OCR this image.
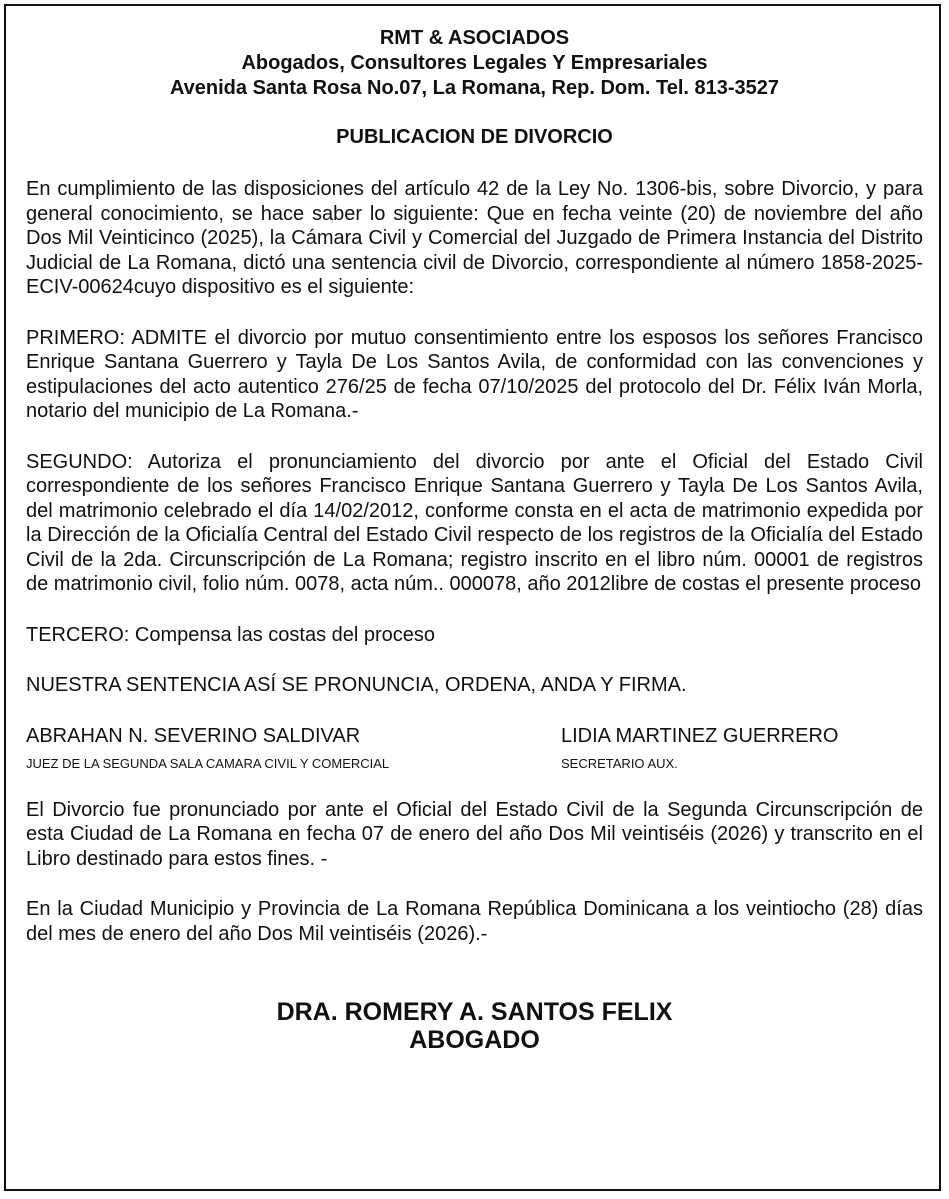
RMT & ASOCIADOS
Abogados, Consultores Legales Y Empresariales
Avenida Santa Rosa No.07, La Romana, Rep. Dom. Tel. 813-3527
PUBLICACION DE DIVORCIO

En cumplimiento de las disposiciones del artículo 42 de la Ley No. 1306-bis, sobre Divorcio, y para general conocimiento, se hace saber lo siguiente: Que en fecha veinte (20) de noviembre del año Dos Mil Veinticinco (2025), la Cámara Civil y Comercial del Juzgado de Primera Instancia del Distrito Judicial de La Romana, dictó una sentencia civil de Divorcio, correspondiente al número 1858-2025-ECIV-00624cuyo dispositivo es el siguiente:

PRIMERO: ADMITE el divorcio por mutuo consentimiento entre los esposos los señores Francisco Enrique Santana Guerrero y Tayla De Los Santos Avila, de conformidad con las convenciones y estipulaciones del acto autentico 276/25 de fecha 07/10/2025 del protocolo del Dr. Félix Iván Morla, notario del municipio de La Romana.-

SEGUNDO: Autoriza el pronunciamiento del divorcio por ante el Oficial del Estado Civil correspondiente de los señores Francisco Enrique Santana Guerrero y Tayla De Los Santos Avila, del matrimonio celebrado el día 14/02/2012, conforme consta en el acta de matrimonio expedida por la Dirección de la Oficialía Central del Estado Civil respecto de los registros de la Oficialía del Estado Civil de la 2da. Circunscripción de La Romana; registro inscrito en el libro núm. 00001 de registros de matrimonio civil, folio núm. 0078, acta núm.. 000078, año 2012libre de costas el presente proceso

TERCERO: Compensa las costas del proceso

NUESTRA SENTENCIA ASÍ SE PRONUNCIA, ORDENA, ANDA Y FIRMA.

ABRAHAN N. SEVERINO SALDIVAR	LIDIA MARTINEZ GUERRERO
JUEZ DE LA SEGUNDA SALA CAMARA CIVIL Y COMERCIAL	SECRETARIO AUX.

El Divorcio fue pronunciado por ante el Oficial del Estado Civil de la Segunda Circunscripción de esta Ciudad de La Romana en fecha 07 de enero del año Dos Mil veintiséis (2026) y transcrito en el Libro destinado para estos fines. -

En la Ciudad Municipio y Provincia de La Romana República Dominicana a los veintiocho (28) días del mes de enero del año Dos Mil veintiséis (2026).-

DRA. ROMERY A. SANTOS FELIX
ABOGADO
